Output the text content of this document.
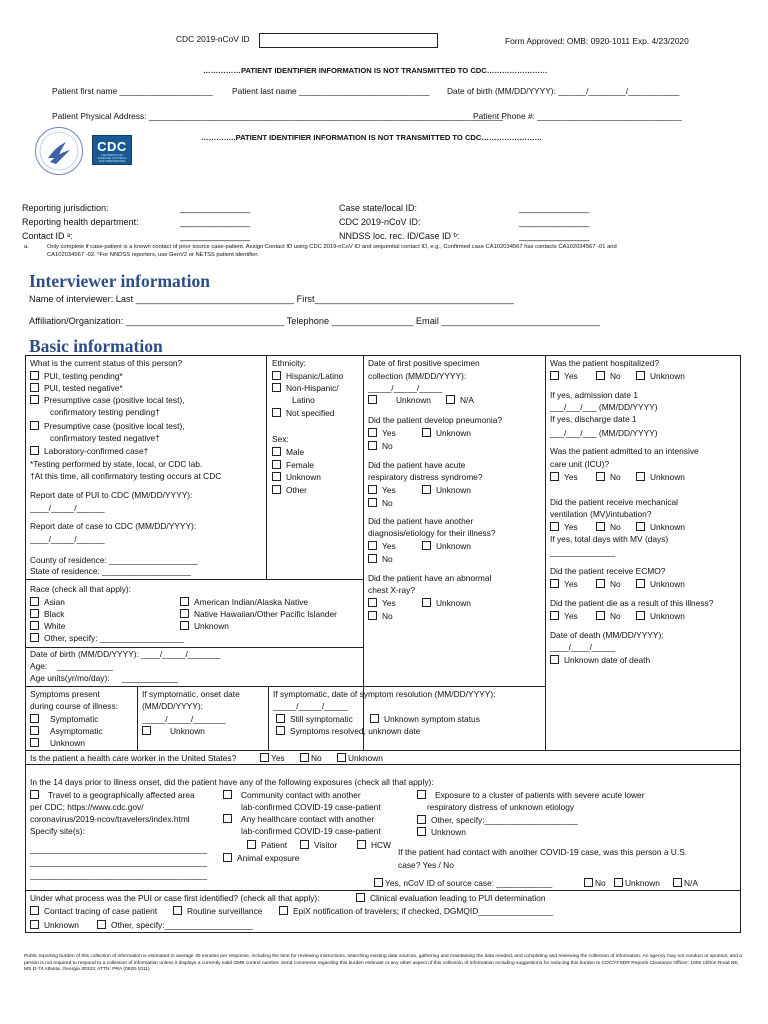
CDC 2019-nCoV ID	Form Approved: OMB: 0920-1011 Exp. 4/23/2020
……………PATIENT IDENTIFIER INFORMATION IS NOT TRANSMITTED TO CDC……………………
Patient first name ____________________ Patient last name ____________________________ Date of birth (MM/DD/YYYY): ______/________/___________
Patient Physical Address: ____________________________________________________________________________
Patient Phone #: _______________________________
…………..PATIENT IDENTIFIER INFORMATION IS NOT TRANSMITTED TO CDC……………………
CDC
CENTERS FOR DISEASE CONTROL AND PREVENTION
Reporting jurisdiction:	______________
Reporting health department:	______________
Contact ID ᵃ:	______________
Case state/local ID:	______________
CDC 2019-nCoV ID:	______________
NNDSS loc. rec. ID/Case ID ᵇ:	______________
a.	Only complete if case-patient is a known contact of prior source case-patient. Assign Contact ID using CDC 2019-nCoV ID and sequential contact ID, e.g., Confirmed case CA102034567 has contacts CA102034567 -01 and
CA102034567 -02. ᵇFor NNDSS reporters, use GenV2 or NETSS patient identifier.
Interviewer information
Name of interviewer: Last _______________________________ First_______________________________________
Affiliation/Organization: _______________________________ Telephone ________________ Email _______________________________
Basic information
What is the current status of this person?
PUI, testing pending*
PUI, tested negative*
Presumptive case (positive local test),
confirmatory testing pending†
Presumptive case (positive local test),
confirmatory tested negative†
Laboratory-confirmed case†
*Testing performed by state, local, or CDC lab.
†At this time, all confirmatory testing occurs at CDC
Report date of PUI to CDC (MM/DD/YYYY):
____/_____/______
Report date of case to CDC (MM/DD/YYYY):
____/_____/______
County of residence: ___________________
State of residence: ___________________
Ethnicity:
Hispanic/Latino
Non-Hispanic/
Latino
Not specified
Sex:
Male
Female
Unknown
Other
Date of first positive specimen
collection (MM/DD/YYYY):
_____/_____/_____
Unknown	N/A
Did the patient develop pneumonia?
Yes	Unknown
No
Did the patient have acute
respiratory distress syndrome?
Yes	Unknown
No
Did the patient have another
diagnosis/etiology for their illness?
Yes	Unknown
No
Did the patient have an abnormal
chest X-ray?
Yes	Unknown
No
Was the patient hospitalized?
Yes	No	Unknown
If yes, admission date 1
___/___/___ (MM/DD/YYYY)
If yes, discharge date 1
___/___/___ (MM/DD/YYYY)
Was the patient admitted to an intensive
care unit (ICU)?
Yes	No	Unknown
Did the patient receive mechanical
ventilation (MV)/intubation?
Yes	No	Unknown
If yes, total days with MV (days)
______________
Did the patient receive ECMO?
Yes	No	Unknown
Did the patient die as a result of this illness?
Yes	No	Unknown
Date of death (MM/DD/YYYY):
____/____/_____
Unknown date of death
Race (check all that apply):
Asian
Black
White
Other, specify: __________________
American Indian/Alaska Native
Native Hawaiian/Other Pacific Islander
Unknown
Date of birth (MM/DD/YYYY): ____/_____/_______
Age: ____________
Age units(yr/mo/day): ____________
Symptoms present
during course of illness:
Symptomatic
Asymptomatic
Unknown
If symptomatic, onset date
(MM/DD/YYYY):
_____/_____/_______
Unknown
If symptomatic, date of symptom resolution (MM/DD/YYYY):
_____/_____/_____
Still symptomatic	Unknown symptom status
Symptoms resolved, unknown date
Is the patient a health care worker in the United States?	Yes	No	Unknown
In the 14 days prior to illness onset, did the patient have any of the following exposures (check all that apply):
Travel to a geographically affected area
per CDC; https://www.cdc.gov/
coronavirus/2019-ncov/travelers/index.html
Specify site(s):
______________________________________
______________________________________
______________________________________
Community contact with another
lab-confirmed COVID-19 case-patient
Any healthcare contact with another
lab-confirmed COVID-19 case-patient
Patient	Visitor	HCW
Animal exposure
Exposure to a cluster of patients with severe acute lower
respiratory distress of unknown etiology
Other, specify:____________________
Unknown
If the patient had contact with another COVID-19 case, was this person a U.S.
case? Yes / No
Yes, nCoV ID of source case: ____________	No	Unknown	N/A
Under what process was the PUI or case first identified? (check all that apply):	Clinical evaluation leading to PUI determination
Contact tracing of case patient	Routine surveillance	EpiX notification of travelers; if checked, DGMQID________________
Unknown	Other, specify:___________________
Public reporting burden of this collection of information is estimated to average 30 minutes per response, including the time for reviewing instructions, searching existing data sources, gathering and maintaining the data needed, and completing and reviewing the collection of information. An agency may not conduct or sponsor, and a person is not required to respond to a collection of information unless it displays a currently valid OMB control number. Send comments regarding this burden estimate or any other aspect of this collection of information including suggestions for reducing this burden to CDC/ATSDR Reports Clearance Officer; 1600 Clifton Road NE, MS D-74 Atlanta, Georgia 30333; ATTN: PRA (0920-1011).
